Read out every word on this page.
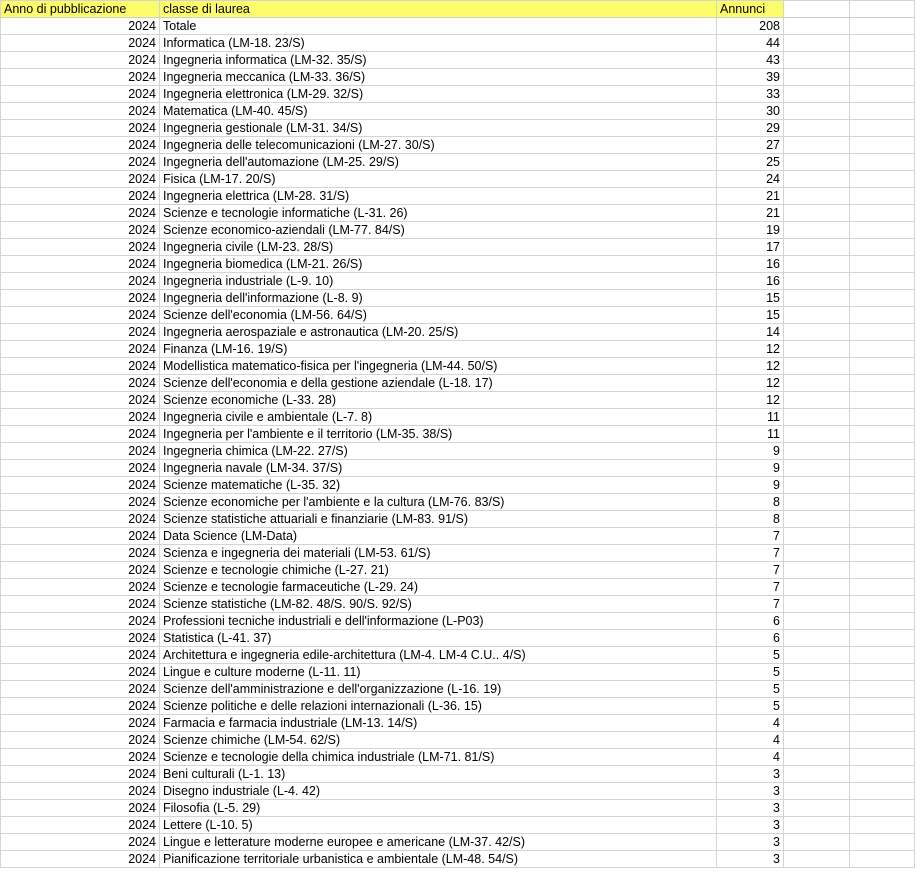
Anno di pubblicazione	classe di laurea	Annunci		
2024	Totale	208		
2024	Informatica (LM-18. 23/S)	44		
2024	Ingegneria informatica (LM-32. 35/S)	43		
2024	Ingegneria meccanica (LM-33. 36/S)	39		
2024	Ingegneria elettronica (LM-29. 32/S)	33		
2024	Matematica (LM-40. 45/S)	30		
2024	Ingegneria gestionale (LM-31. 34/S)	29		
2024	Ingegneria delle telecomunicazioni (LM-27. 30/S)	27		
2024	Ingegneria dell'automazione (LM-25. 29/S)	25		
2024	Fisica (LM-17. 20/S)	24		
2024	Ingegneria elettrica (LM-28. 31/S)	21		
2024	Scienze e tecnologie informatiche (L-31. 26)	21		
2024	Scienze economico-aziendali (LM-77. 84/S)	19		
2024	Ingegneria civile (LM-23. 28/S)	17		
2024	Ingegneria biomedica (LM-21. 26/S)	16		
2024	Ingegneria industriale (L-9. 10)	16		
2024	Ingegneria dell'informazione (L-8. 9)	15		
2024	Scienze dell'economia (LM-56. 64/S)	15		
2024	Ingegneria aerospaziale e astronautica (LM-20. 25/S)	14		
2024	Finanza (LM-16. 19/S)	12		
2024	Modellistica matematico-fisica per l'ingegneria (LM-44. 50/S)	12		
2024	Scienze dell'economia e della gestione aziendale (L-18. 17)	12		
2024	Scienze economiche (L-33. 28)	12		
2024	Ingegneria civile e ambientale (L-7. 8)	11		
2024	Ingegneria per l'ambiente e il territorio (LM-35. 38/S)	11		
2024	Ingegneria chimica (LM-22. 27/S)	9		
2024	Ingegneria navale (LM-34. 37/S)	9		
2024	Scienze matematiche (L-35. 32)	9		
2024	Scienze economiche per l'ambiente e la cultura (LM-76. 83/S)	8		
2024	Scienze statistiche attuariali e finanziarie (LM-83. 91/S)	8		
2024	Data Science (LM-Data)	7		
2024	Scienza e ingegneria dei materiali (LM-53. 61/S)	7		
2024	Scienze e tecnologie chimiche (L-27. 21)	7		
2024	Scienze e tecnologie farmaceutiche (L-29. 24)	7		
2024	Scienze statistiche (LM-82. 48/S. 90/S. 92/S)	7		
2024	Professioni tecniche industriali e dell'informazione (L-P03)	6		
2024	Statistica (L-41. 37)	6		
2024	Architettura e ingegneria edile-architettura (LM-4. LM-4 C.U.. 4/S)	5		
2024	Lingue e culture moderne (L-11. 11)	5		
2024	Scienze dell'amministrazione e dell'organizzazione (L-16. 19)	5		
2024	Scienze politiche e delle relazioni internazionali (L-36. 15)	5		
2024	Farmacia e farmacia industriale (LM-13. 14/S)	4		
2024	Scienze chimiche (LM-54. 62/S)	4		
2024	Scienze e tecnologie della chimica industriale (LM-71. 81/S)	4		
2024	Beni culturali (L-1. 13)	3		
2024	Disegno industriale (L-4. 42)	3		
2024	Filosofia (L-5. 29)	3		
2024	Lettere (L-10. 5)	3		
2024	Lingue e letterature moderne europee e americane (LM-37. 42/S)	3		
2024	Pianificazione territoriale urbanistica e ambientale (LM-48. 54/S)	3		
